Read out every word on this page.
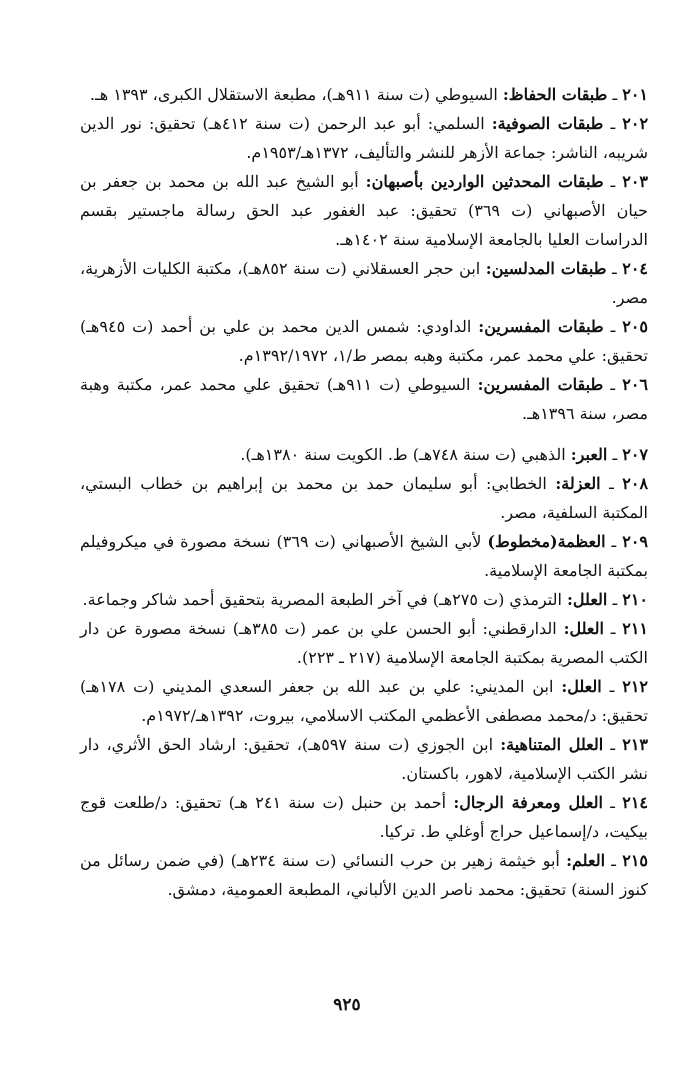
٢٠١ ـ طبقات الحفاظ: السيوطي (ت سنة ٩١١هـ)، مطبعة الاستقلال الكبرى، ١٣٩٣ هـ.

٢٠٢ ـ طبقات الصوفية: السلمي: أبو عبد الرحمن (ت سنة ٤١٢هـ) تحقيق: نور الدين شريبه، الناشر: جماعة الأزهر للنشر والتأليف، ١٣٧٢هـ/١٩٥٣م.

٢٠٣ ـ طبقات المحدثين الواردين بأصبهان: أبو الشيخ عبد الله بن محمد بن جعفر بن حيان الأصبهاني (ت ٣٦٩) تحقيق: عبد الغفور عبد الحق رسالة ماجستير بقسم الدراسات العليا بالجامعة الإسلامية سنة ١٤٠٢هـ.

٢٠٤ ـ طبقات المدلسين: ابن حجر العسقلاني (ت سنة ٨٥٢هـ)، مكتبة الكليات الأزهرية، مصر.

٢٠٥ ـ طبقات المفسرين: الداودي: شمس الدين محمد بن علي بن أحمد (ت ٩٤٥هـ) تحقيق: علي محمد عمر، مكتبة وهبه بمصر ط/١، ١٣٩٢/١٩٧٢م.

٢٠٦ ـ طبقات المفسرين: السيوطي (ت ٩١١هـ) تحقيق علي محمد عمر، مكتبة وهبة مصر، سنة ١٣٩٦هـ.

٢٠٧ ـ العبر: الذهبي (ت سنة ٧٤٨هـ) ط. الكويت سنة ١٣٨٠هـ).

٢٠٨ ـ العزلة: الخطابي: أبو سليمان حمد بن محمد بن إبراهيم بن خطاب البستي، المكتبة السلفية، مصر.

٢٠٩ ـ العظمة(مخطوط) لأبي الشيخ الأصبهاني (ت ٣٦٩) نسخة مصورة في ميكروفيلم بمكتبة الجامعة الإسلامية.

٢١٠ ـ العلل: الترمذي (ت ٢٧٥هـ) في آخر الطبعة المصرية بتحقيق أحمد شاكر وجماعة.

٢١١ ـ العلل: الدارقطني: أبو الحسن علي بن عمر (ت ٣٨٥هـ) نسخة مصورة عن دار الكتب المصرية بمكتبة الجامعة الإسلامية (٢١٧ ـ ٢٢٣).

٢١٢ ـ العلل: ابن المديني: علي بن عبد الله بن جعفر السعدي المديني (ت ١٧٨هـ) تحقيق: د/محمد مصطفى الأعظمي المكتب الاسلامي، بيروت، ١٣٩٢هـ/١٩٧٢م.

٢١٣ ـ العلل المتناهية: ابن الجوزي (ت سنة ٥٩٧هـ)، تحقيق: ارشاد الحق الأثري، دار نشر الكتب الإسلامية، لاهور، باكستان.

٢١٤ ـ العلل ومعرفة الرجال: أحمد بن حنبل (ت سنة ٢٤١ هـ) تحقيق: د/طلعت قوج بيكيت، د/إسماعيل حراج أوغلي ط. تركيا.

٢١٥ ـ العلم: أبو خيثمة زهير بن حرب النسائي (ت سنة ٢٣٤هـ) (في ضمن رسائل من كنوز السنة) تحقيق: محمد ناصر الدين الألباني، المطبعة العمومية، دمشق.

٩٢٥
